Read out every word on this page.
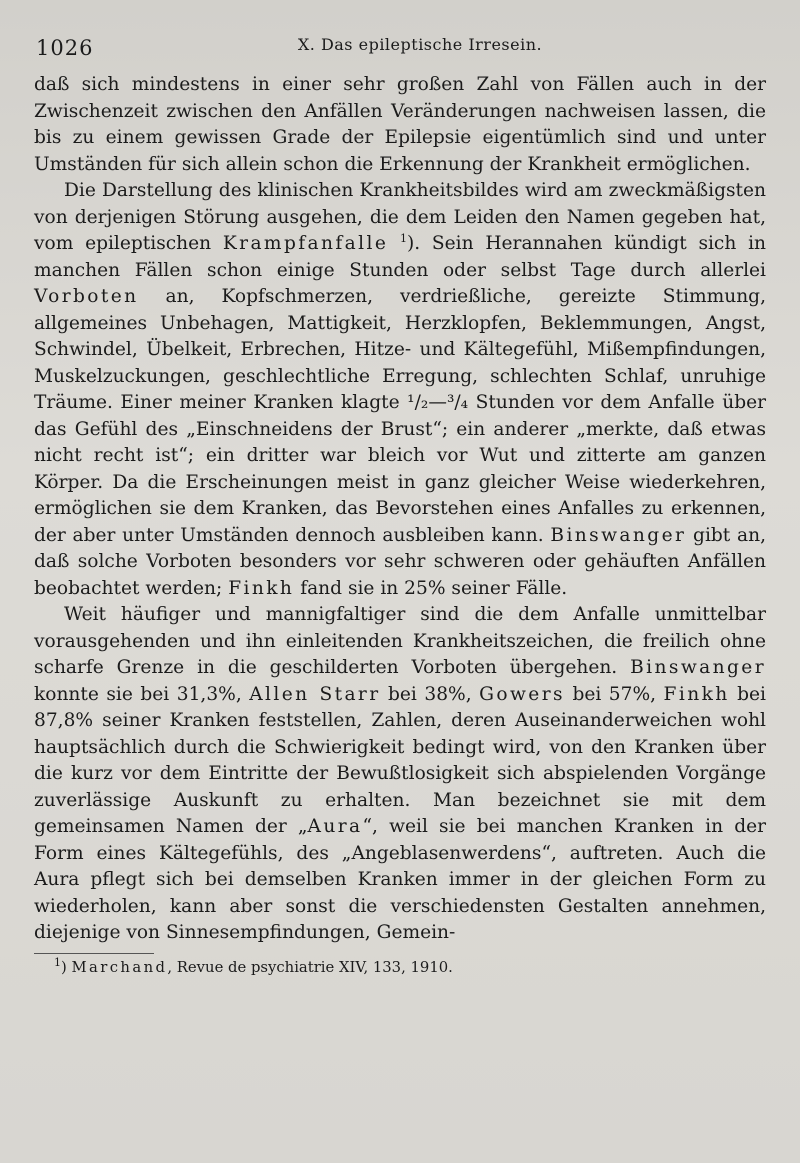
1026	X. Das epileptische Irresein.

daß sich mindestens in einer sehr großen Zahl von Fällen auch in der Zwischenzeit zwischen den Anfällen Veränderungen nachweisen lassen, die bis zu einem gewissen Grade der Epilepsie eigentümlich sind und unter Umständen für sich allein schon die Erkennung der Krankheit ermöglichen.

Die Darstellung des klinischen Krankheitsbildes wird am zweckmäßigsten von derjenigen Störung ausgehen, die dem Leiden den Namen gegeben hat, vom epileptischen Krampfanfalle $^1$). Sein Herannahen kündigt sich in manchen Fällen schon einige Stunden oder selbst Tage durch allerlei Vorboten an, Kopfschmerzen, verdrießliche, gereizte Stimmung, allgemeines Unbehagen, Mattigkeit, Herzklopfen, Beklemmungen, Angst, Schwindel, Übelkeit, Erbrechen, Hitze- und Kältegefühl, Mißempfindungen, Muskelzuckungen, geschlechtliche Erregung, schlechten Schlaf, unruhige Träume. Einer meiner Kranken klagte ¹/₂—³/₄ Stunden vor dem Anfalle über das Gefühl des „Einschneidens der Brust“; ein anderer „merkte, daß etwas nicht recht ist“; ein dritter war bleich vor Wut und zitterte am ganzen Körper. Da die Erscheinungen meist in ganz gleicher Weise wiederkehren, ermöglichen sie dem Kranken, das Bevorstehen eines Anfalles zu erkennen, der aber unter Umständen dennoch ausbleiben kann. Binswanger gibt an, daß solche Vorboten besonders vor sehr schweren oder gehäuften Anfällen beobachtet werden; Finkh fand sie in 25% seiner Fälle.

Weit häufiger und mannigfaltiger sind die dem Anfalle unmittelbar vorausgehenden und ihn einleitenden Krankheitszeichen, die freilich ohne scharfe Grenze in die geschilderten Vorboten übergehen. Binswanger konnte sie bei 31,3%, Allen Starr bei 38%, Gowers bei 57%, Finkh bei 87,8% seiner Kranken feststellen, Zahlen, deren Auseinanderweichen wohl hauptsächlich durch die Schwierigkeit bedingt wird, von den Kranken über die kurz vor dem Eintritte der Bewußtlosigkeit sich abspielenden Vorgänge zuverlässige Auskunft zu erhalten. Man bezeichnet sie mit dem gemeinsamen Namen der „Aura“, weil sie bei manchen Kranken in der Form eines Kältegefühls, des „Angeblasenwerdens“, auftreten. Auch die Aura pflegt sich bei demselben Kranken immer in der gleichen Form zu wiederholen, kann aber sonst die verschiedensten Gestalten annehmen, diejenige von Sinnesempfindungen, Gemein-

$^1$) Marchand, Revue de psychiatrie XIV, 133, 1910.
